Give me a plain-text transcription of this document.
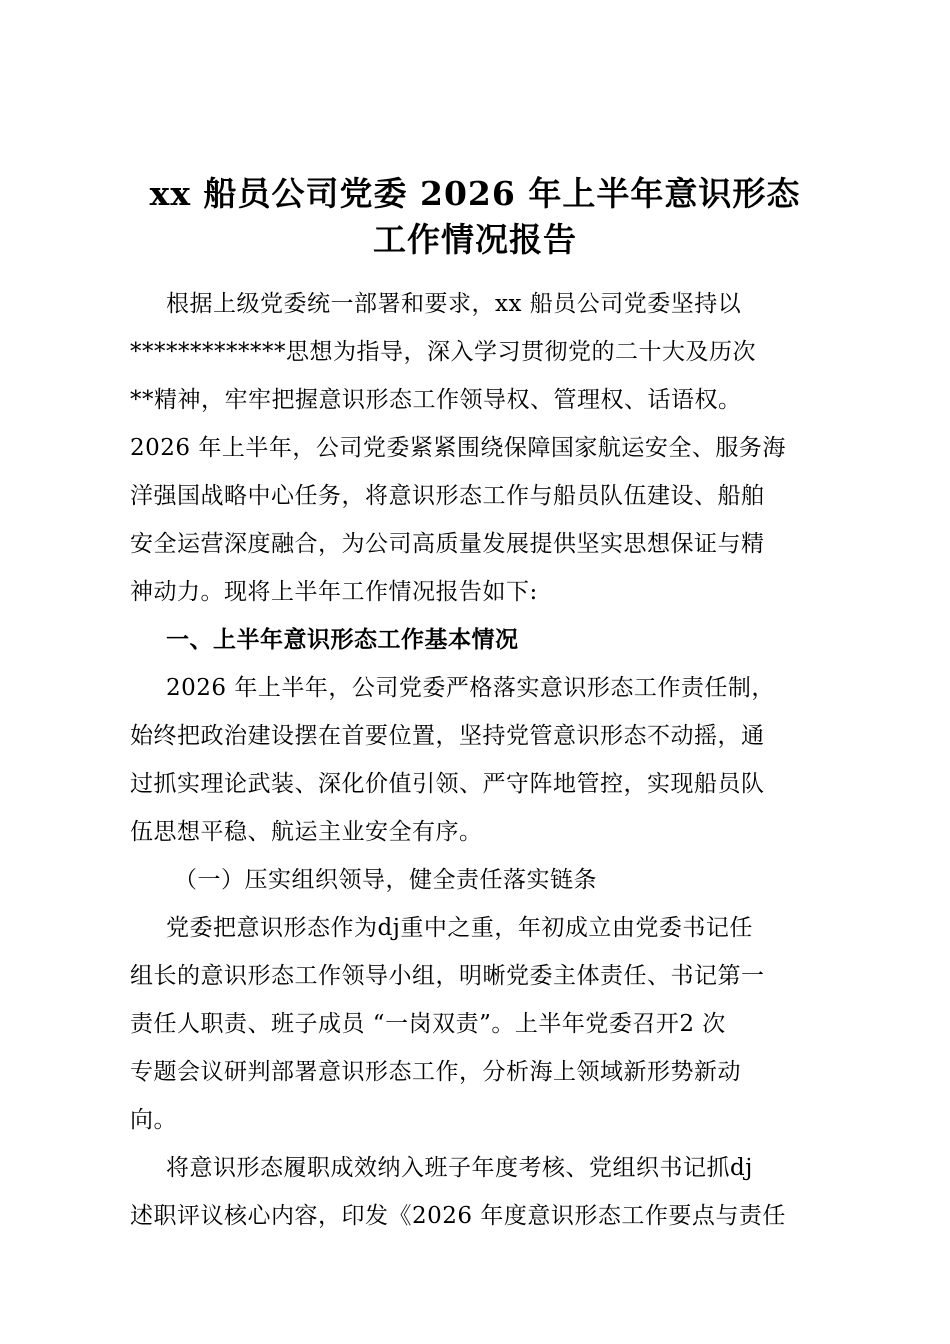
xx 船员公司党委 2026 年上半年意识形态
工作情况报告
根据上级党委统一部署和要求，xx 船员公司党委坚持以
*************思想为指导，深入学习贯彻党的二十大及历次
**精神，牢牢把握意识形态工作领导权、管理权、话语权。
2026 年上半年，公司党委紧紧围绕保障国家航运安全、服务海
洋强国战略中心任务，将意识形态工作与船员队伍建设、船舶
安全运营深度融合，为公司高质量发展提供坚实思想保证与精
神动力。现将上半年工作情况报告如下:
一、上半年意识形态工作基本情况
2026 年上半年，公司党委严格落实意识形态工作责任制，
始终把政治建设摆在首要位置，坚持党管意识形态不动摇，通
过抓实理论武装、深化价值引领、严守阵地管控，实现船员队
伍思想平稳、航运主业安全有序。
（一）压实组织领导，健全责任落实链条
党委把意识形态作为dj重中之重，年初成立由党委书记任
组长的意识形态工作领导小组，明晰党委主体责任、书记第一
责任人职责、班子成员 “一岗双责”。上半年党委召开2 次
专题会议研判部署意识形态工作，分析海上领域新形势新动
向。
将意识形态履职成效纳入班子年度考核、党组织书记抓dj
述职评议核心内容，印发《2026 年度意识形态工作要点与责任
